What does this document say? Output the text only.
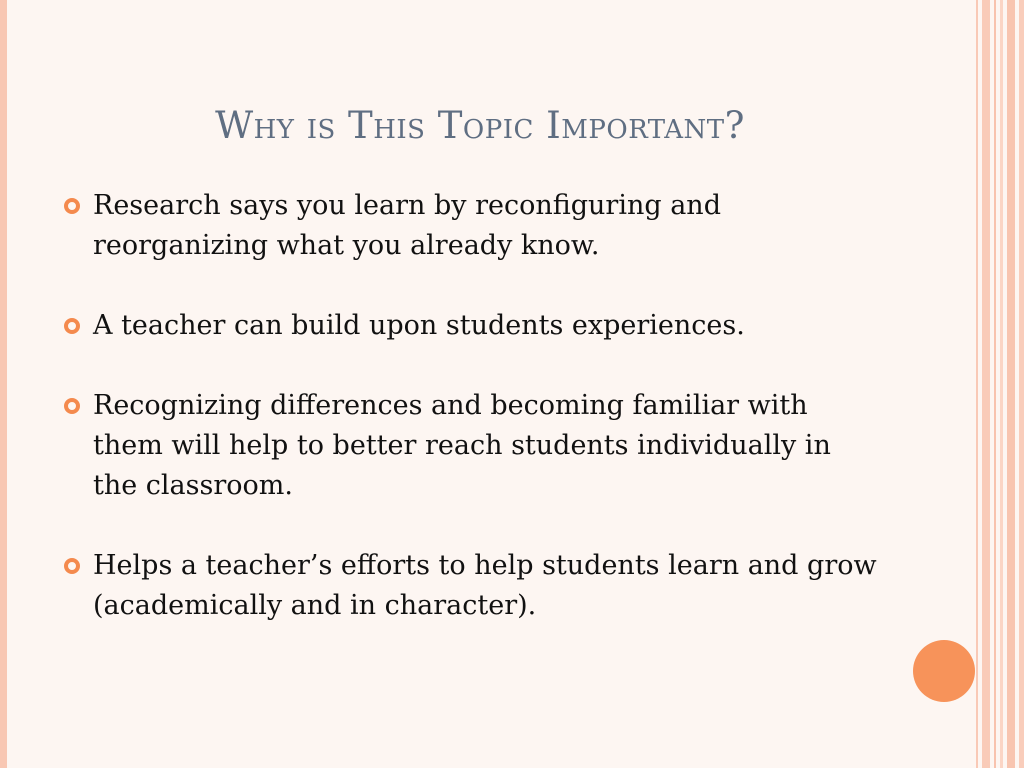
Why is This Topic Important?
Research says you learn by reconfiguring and reorganizing what you already know.
A teacher can build upon students experiences.
Recognizing differences and becoming familiar with them will help to better reach students individually in the classroom.
Helps a teacher’s efforts to help students learn and grow (academically and in character).
